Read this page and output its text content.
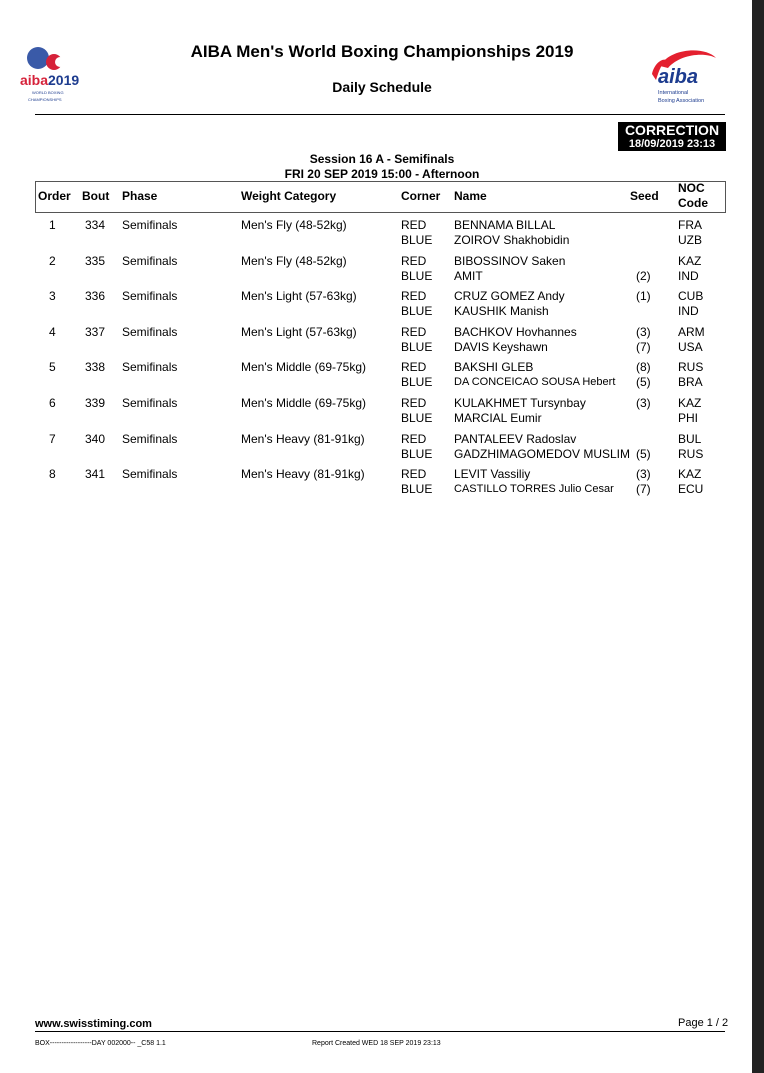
aiba2019
WORLD BOXING
CHAMPIONSHIPS
aiba
International
Boxing Association
AIBA Men's World Boxing Championships 2019
Daily Schedule
CORRECTION
18/09/2019 23:13
Session 16 A - Semifinals
FRI 20 SEP 2019 15:00 - Afternoon
Order Bout Phase	Weight Category	Corner Name	Seed
NOC
Code
1 334 Semifinals	Men's Fly (48-52kg)	RED BENNAMA BILLAL	FRA
BLUE ZOIROV Shakhobidin	UZB
2 335 Semifinals	Men's Fly (48-52kg)	RED BIBOSSINOV Saken	KAZ
BLUE AMIT	(2) IND
3 336 Semifinals	Men's Light (57-63kg)	RED CRUZ GOMEZ Andy	(1) CUB
BLUE KAUSHIK Manish	IND
4 337 Semifinals	Men's Light (57-63kg)	RED BACHKOV Hovhannes	(3) ARM
BLUE DAVIS Keyshawn	(7) USA
5 338 Semifinals	Men's Middle (69-75kg)	RED BAKSHI GLEB	(8) RUS
BLUE DA CONCEICAO SOUSA Hebert (5) BRA
6 339 Semifinals	Men's Middle (69-75kg)	RED KULAKHMET Tursynbay	(3) KAZ
BLUE MARCIAL Eumir	PHI
7 340 Semifinals	Men's Heavy (81-91kg)	RED PANTALEEV Radoslav	BUL
BLUE GADZHIMAGOMEDOV MUSLIM (5) RUS
8 341 Semifinals	Men's Heavy (81-91kg)	RED LEVIT Vassiliy	(3) KAZ
BLUE CASTILLO TORRES Julio Cesar (7) ECU
www.swisstiming.com	Page 1 / 2
BOX------------------DAY 002000-- _C58 1.1	Report Created WED 18 SEP 2019 23:13
